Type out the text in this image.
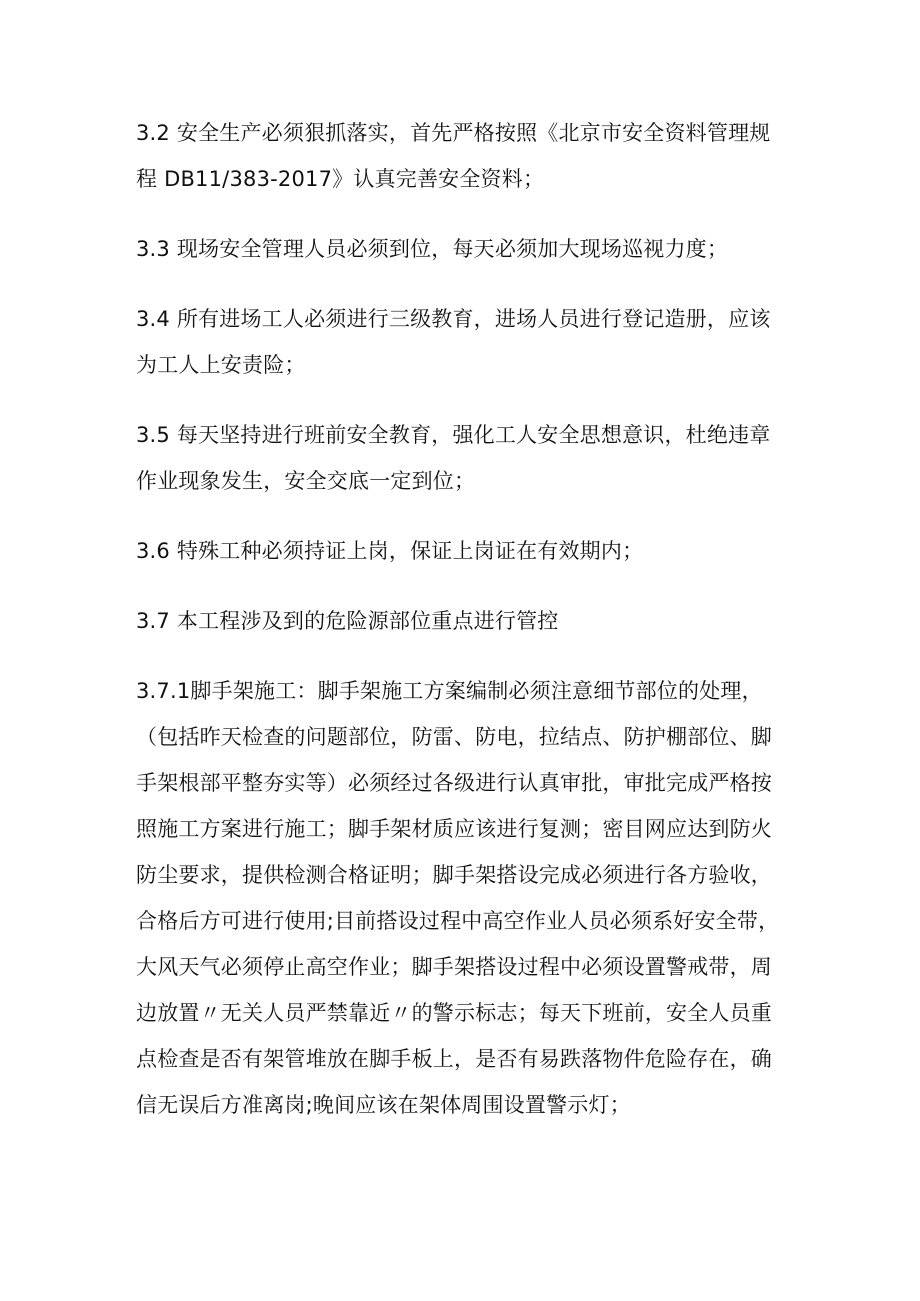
3.2 安全生产必须狠抓落实，首先严格按照《北京市安全资料管理规
程 DB11/383-2017》认真完善安全资料；

3.3 现场安全管理人员必须到位，每天必须加大现场巡视力度；

3.4 所有进场工人必须进行三级教育，进场人员进行登记造册，应该
为工人上安责险；

3.5 每天坚持进行班前安全教育，强化工人安全思想意识，杜绝违章
作业现象发生，安全交底一定到位；

3.6 特殊工种必须持证上岗，保证上岗证在有效期内；

3.7 本工程涉及到的危险源部位重点进行管控

3.7.1脚手架施工：脚手架施工方案编制必须注意细节部位的处理，
（包括昨天检查的问题部位，防雷、防电，拉结点、防护棚部位、脚
手架根部平整夯实等）必须经过各级进行认真审批，审批完成严格按
照施工方案进行施工；脚手架材质应该进行复测；密目网应达到防火
防尘要求，提供检测合格证明；脚手架搭设完成必须进行各方验收，
合格后方可进行使用;目前搭设过程中高空作业人员必须系好安全带，
大风天气必须停止高空作业；脚手架搭设过程中必须设置警戒带，周
边放置〃无关人员严禁靠近〃的警示标志；每天下班前，安全人员重
点检查是否有架管堆放在脚手板上，是否有易跌落物件危险存在，确
信无误后方准离岗;晚间应该在架体周围设置警示灯；
